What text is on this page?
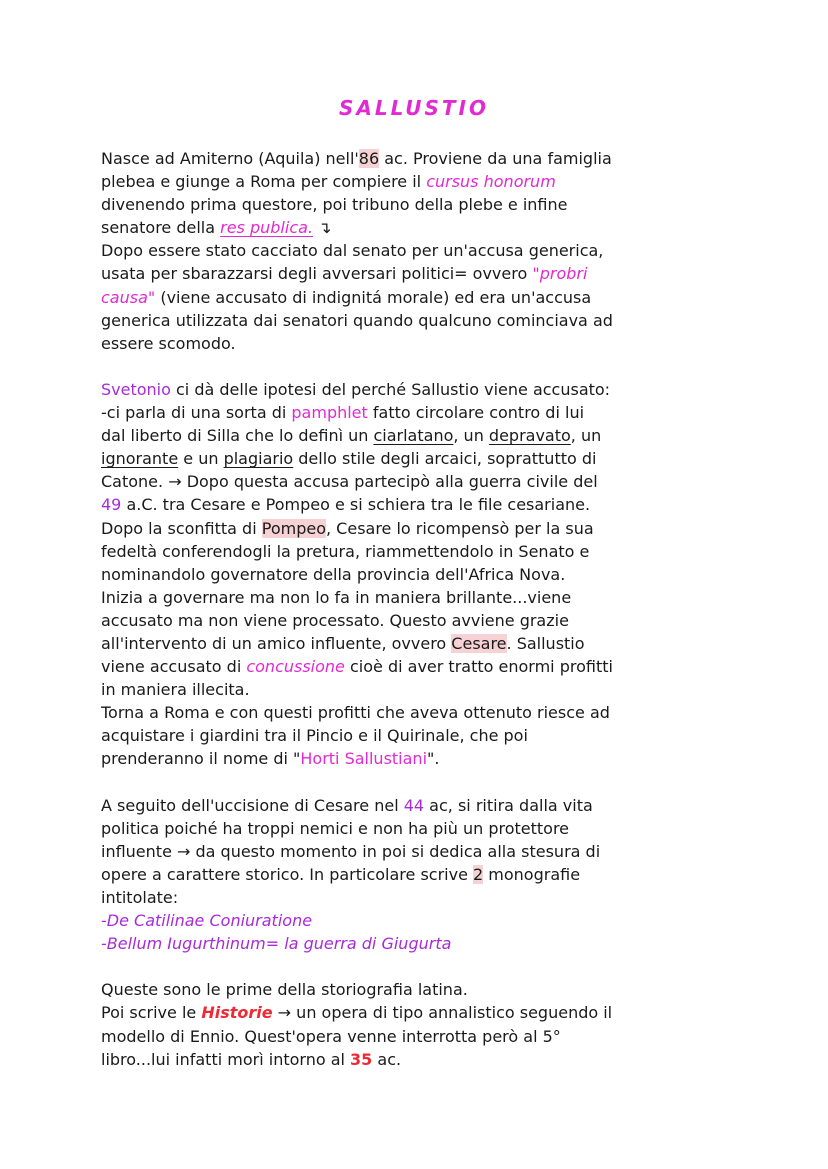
SALLUSTIO
Nasce ad Amiterno (Aquila) nell'86 ac. Proviene da una famiglia
plebea e giunge a Roma per compiere il cursus honorum
divenendo prima questore, poi tribuno della plebe e infine
senatore della res publica. ↴
Dopo essere stato cacciato dal senato per un'accusa generica,
usata per sbarazzarsi degli avversari politici= ovvero "probri
causa" (viene accusato di indignitá morale) ed era un'accusa
generica utilizzata dai senatori quando qualcuno cominciava ad
essere scomodo.
Svetonio ci dà delle ipotesi del perché Sallustio viene accusato:
-ci parla di una sorta di pamphlet fatto circolare contro di lui
dal liberto di Silla che lo definì un ciarlatano, un depravato, un
ignorante e un plagiario dello stile degli arcaici, soprattutto di
Catone. → Dopo questa accusa partecipò alla guerra civile del
49 a.C. tra Cesare e Pompeo e si schiera tra le file cesariane.
Dopo la sconfitta di Pompeo, Cesare lo ricompensò per la sua
fedeltà conferendogli la pretura, riammettendolo in Senato e
nominandolo governatore della provincia dell'Africa Nova.
Inizia a governare ma non lo fa in maniera brillante...viene
accusato ma non viene processato. Questo avviene grazie
all'intervento di un amico influente, ovvero Cesare. Sallustio
viene accusato di concussione cioè di aver tratto enormi profitti
in maniera illecita.
Torna a Roma e con questi profitti che aveva ottenuto riesce ad
acquistare i giardini tra il Pincio e il Quirinale, che poi
prenderanno il nome di "Horti Sallustiani".
A seguito dell'uccisione di Cesare nel 44 ac, si ritira dalla vita
politica poiché ha troppi nemici e non ha più un protettore
influente → da questo momento in poi si dedica alla stesura di
opere a carattere storico. In particolare scrive 2 monografie
intitolate:
-De Catilinae Coniuratione
-Bellum Iugurthinum= la guerra di Giugurta
Queste sono le prime della storiografia latina.
Poi scrive le Historie → un opera di tipo annalistico seguendo il
modello di Ennio. Quest'opera venne interrotta però al 5°
libro...lui infatti morì intorno al 35 ac.
